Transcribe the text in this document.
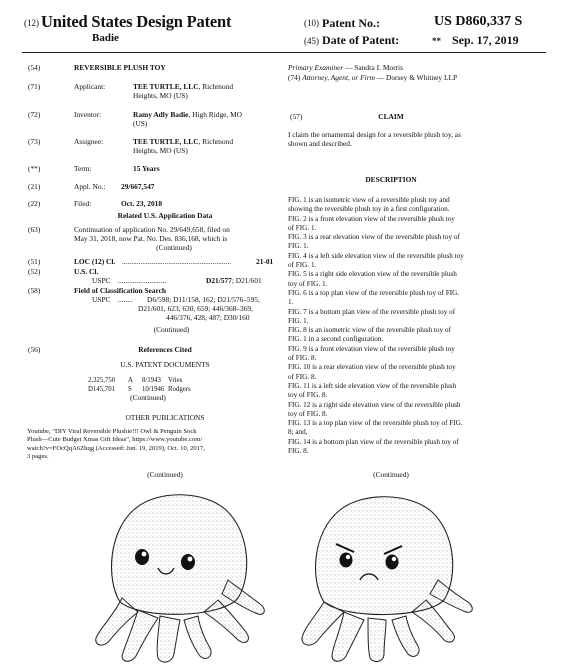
(12) United States Design Patent
Badie
(10) Patent No.:	US D860,337 S
(45) Date of Patent:	** Sep. 17, 2019
(54)	REVERSIBLE PLUSH TOY
(71)	Applicant:	TEE TURTLE, LLC, Richmond
Heights, MO (US)
(72)	Inventor:	Ramy Adly Badie, High Ridge, MO
(US)
(73)	Assignee:	TEE TURTLE, LLC, Richmond
Heights, MO (US)
(**)	Term:	15 Years
(21)	Appl. No.: 29/667,547
(22)	Filed:	Oct. 23, 2018
Related U.S. Application Data
(63)	Continuation of application No. 29/649,658, filed on
May 31, 2018, now Pat. No. Des. 836,168, which is
(Continued)
(51)	LOC (12) Cl. ...........................................................	21-01
(52)	U.S. Cl.
USPC ..........................	D21/577; D21/601
(58)	Field of Classification Search
USPC ........ D6/598; D11/158, 162; D21/576–595,
D21/601, 623, 630, 659; 446/368–369,
446/376, 428, 487; D30/160
(Continued)
(56)	References Cited
U.S. PATENT DOCUMENTS
2,325,750	A	8/1943	Vries
D145,701	S	10/1946 Rodgers
(Continued)
OTHER PUBLICATIONS
Youtube, "DIY Viral Reversible Plushie!!! Owl & Penguin Sock
Plush—Cute Budget Xmas Gift Ideas", https://www.youtube.com/
watch?v=FOcQqA6Zhqg (Accessed: Jun. 19, 2019), Oct. 10, 2017,
3 pages.
(Continued)
Primary Examiner — Sandra I. Morris
(74) Attorney, Agent, or Firm — Dorsey & Whitney LLP
(57)	CLAIM
I claim the ornamental design for a reversible plush toy, as
shown and described.
DESCRIPTION
FIG. 1 is an isometric view of a reversible plush toy and
showing the reversible plush toy in a first configuration.
FIG. 2 is a front elevation view of the reversible plush toy
of FIG. 1.
FIG. 3 is a rear elevation view of the reversible plush toy of
FIG. 1.
FIG. 4 is a left side elevation view of the reversible plush toy
of FIG. 1.
FIG. 5 is a right side elevation view of the reversible plush
toy of FIG. 1.
FIG. 6 is a top plan view of the reversible plush toy of FIG.
1.
FIG. 7 is a bottom plan view of the reversible plush toy of
FIG. 1.
FIG. 8 is an isometric view of the reversible plush toy of
FIG. 1 in a second configuration.
FIG. 9 is a front elevation view of the reversible plush toy
of FIG. 8.
FIG. 10 is a rear elevation view of the reversible plush toy
of FIG. 8.
FIG. 11 is a left side elevation view of the reversible plush
toy of FIG. 8.
FIG. 12 is a right side elevation view of the reversible plush
toy of FIG. 8.
FIG. 13 is a top plan view of the reversible plush toy of FIG.
8; and,
FIG. 14 is a bottom plan view of the reversible plush toy of
FIG. 8.
(Continued)
